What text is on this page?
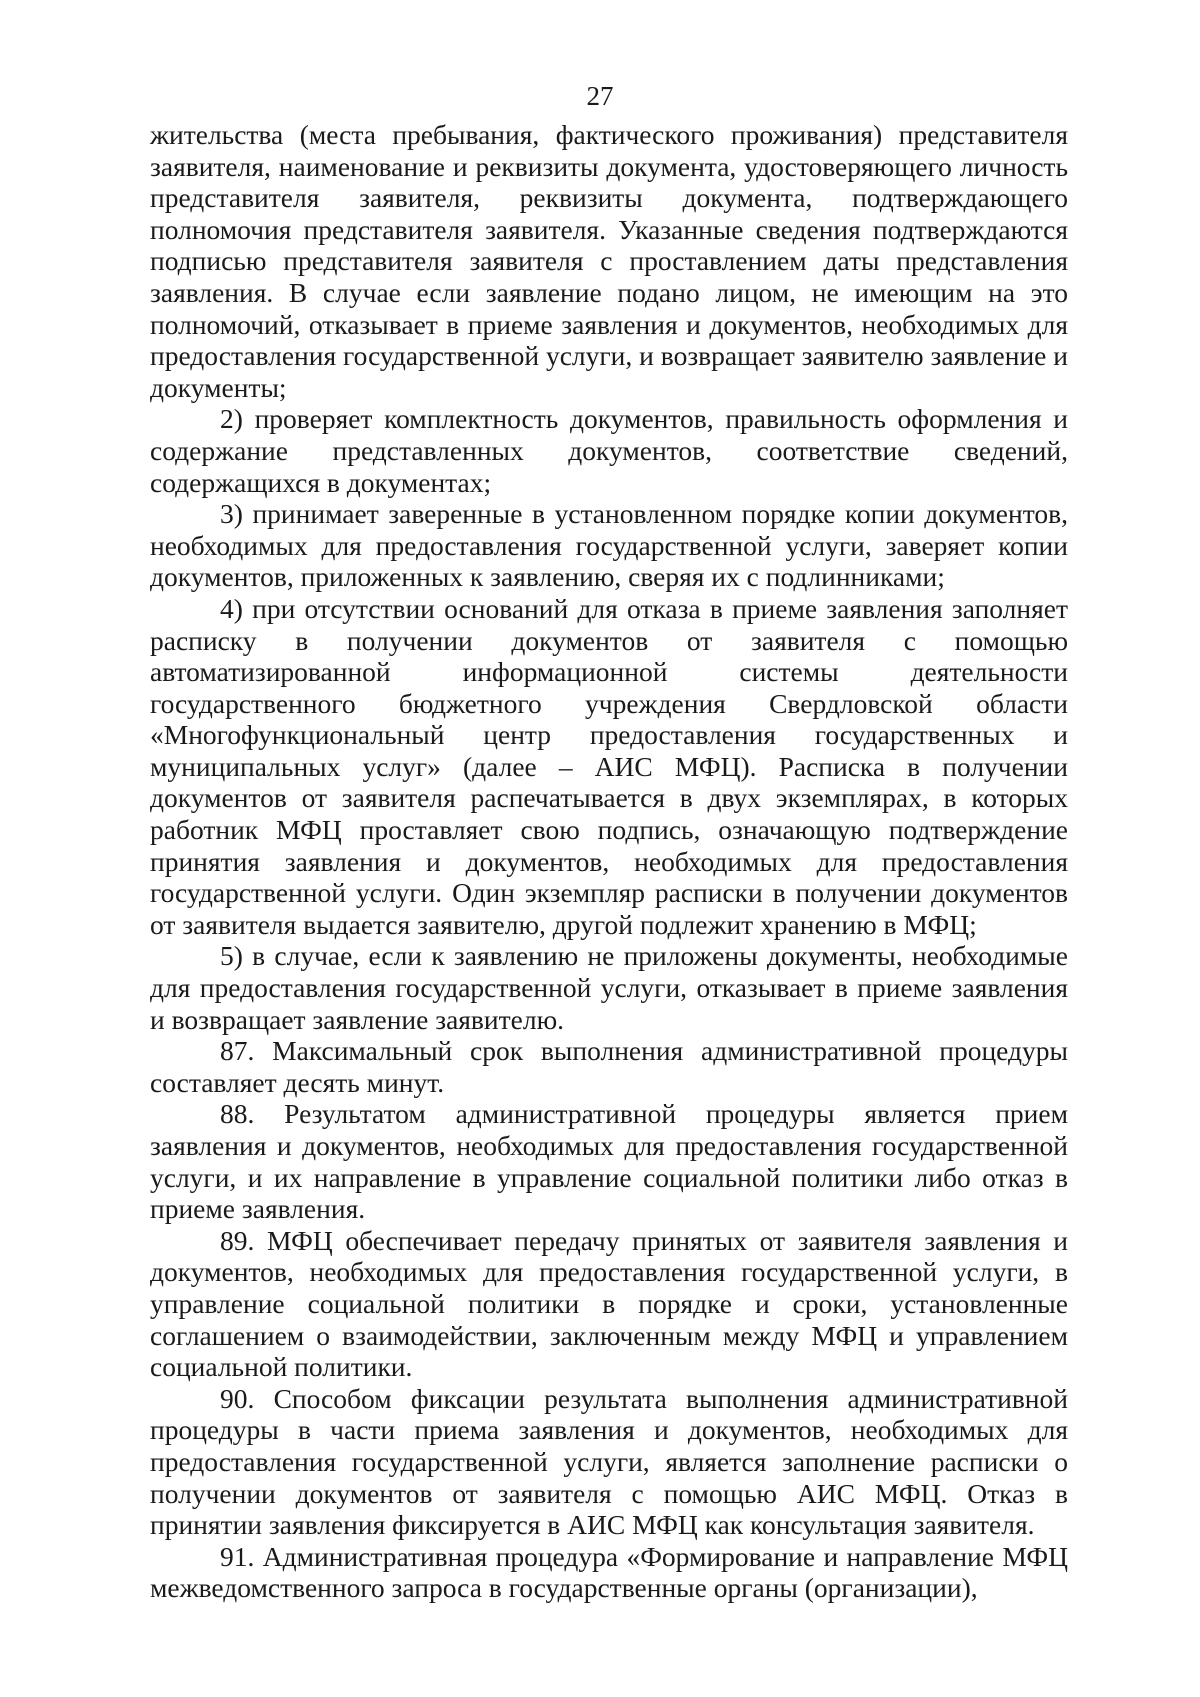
27

жительства (места пребывания, фактического проживания) представителя заявителя, наименование и реквизиты документа, удостоверяющего личность представителя заявителя, реквизиты документа, подтверждающего полномочия представителя заявителя. Указанные сведения подтверждаются подписью представителя заявителя с проставлением даты представления заявления. В случае если заявление подано лицом, не имеющим на это полномочий, отказывает в приеме заявления и документов, необходимых для предоставления государственной услуги, и возвращает заявителю заявление и документы;

2) проверяет комплектность документов, правильность оформления и содержание представленных документов, соответствие сведений, содержащихся в документах;

3) принимает заверенные в установленном порядке копии документов, необходимых для предоставления государственной услуги, заверяет копии документов, приложенных к заявлению, сверяя их с подлинниками;

4) при отсутствии оснований для отказа в приеме заявления заполняет расписку в получении документов от заявителя с помощью автоматизированной информационной системы деятельности государственного бюджетного учреждения Свердловской области «Многофункциональный центр предоставления государственных и муниципальных услуг» (далее – АИС МФЦ). Расписка в получении документов от заявителя распечатывается в двух экземплярах, в которых работник МФЦ проставляет свою подпись, означающую подтверждение принятия заявления и документов, необходимых для предоставления государственной услуги. Один экземпляр расписки в получении документов от заявителя выдается заявителю, другой подлежит хранению в МФЦ;

5) в случае, если к заявлению не приложены документы, необходимые для предоставления государственной услуги, отказывает в приеме заявления и возвращает заявление заявителю.

87. Максимальный срок выполнения административной процедуры составляет десять минут.

88. Результатом административной процедуры является прием заявления и документов, необходимых для предоставления государственной услуги, и их направление в управление социальной политики либо отказ в приеме заявления.

89. МФЦ обеспечивает передачу принятых от заявителя заявления и документов, необходимых для предоставления государственной услуги, в управление социальной политики в порядке и сроки, установленные соглашением о взаимодействии, заключенным между МФЦ и управлением социальной политики.

90. Способом фиксации результата выполнения административной процедуры в части приема заявления и документов, необходимых для предоставления государственной услуги, является заполнение расписки о получении документов от заявителя с помощью АИС МФЦ. Отказ в принятии заявления фиксируется в АИС МФЦ как консультация заявителя.

91. Административная процедура «Формирование и направление МФЦ межведомственного запроса в государственные органы (организации),
